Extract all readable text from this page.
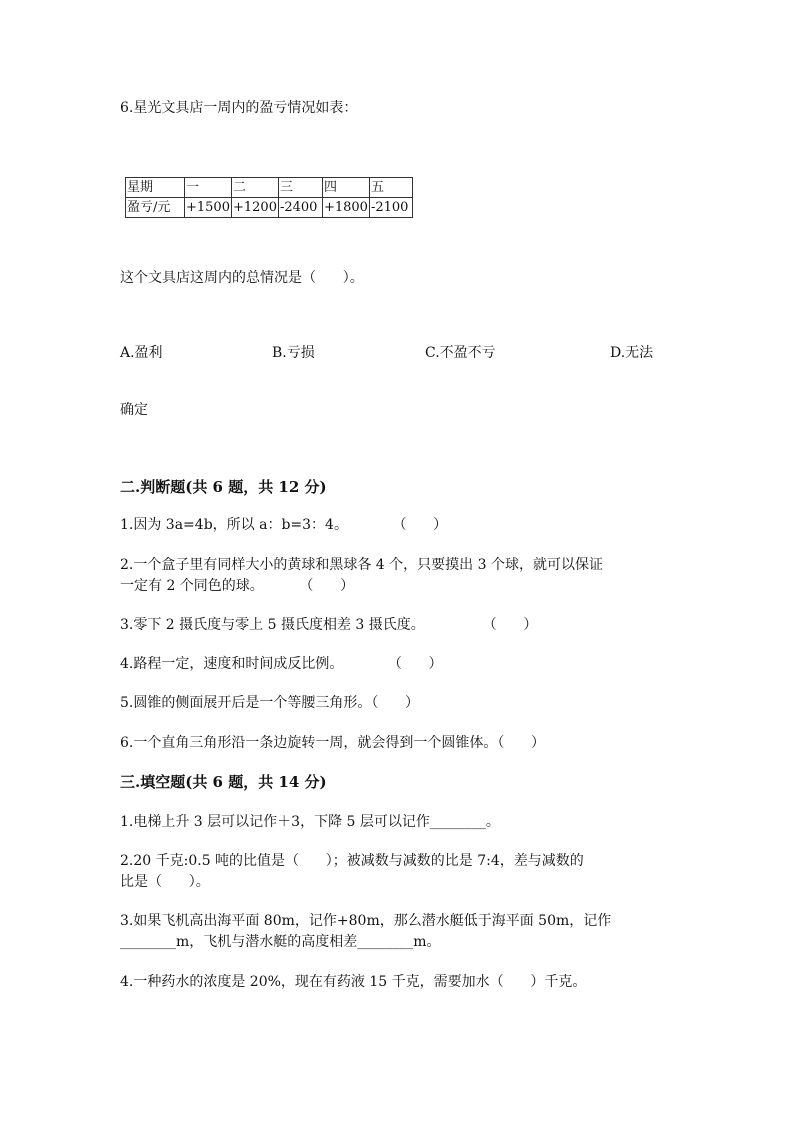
6.星光文具店一周内的盈亏情况如表：
星期	一	二	三	四	五
盈亏/元	+1500	+1200	-2400	+1800	-2100
这个文具店这周内的总情况是（      ）。
A.盈利	B.亏损	C.不盈不亏	D.无法
确定
二.判断题(共 6 题，共 12 分)
1.因为 3a=4b，所以 a：b=3：4。          （      ）
2.一个盒子里有同样大小的黄球和黑球各 4 个，只要摸出 3 个球，就可以保证
一定有 2 个同色的球。        （      ）
3.零下 2 摄氏度与零上 5 摄氏度相差 3 摄氏度。             （      ）
4.路程一定，速度和时间成反比例。          （      ）
5.圆锥的侧面展开后是一个等腰三角形。（      ）
6.一个直角三角形沿一条边旋转一周，就会得到一个圆锥体。（      ）
三.填空题(共 6 题，共 14 分)
1.电梯上升 3 层可以记作＋3，下降 5 层可以记作________。
2.20 千克:0.5 吨的比值是（      ）；被减数与减数的比是 7:4，差与减数的
比是（      ）。
3.如果飞机高出海平面 80m，记作+80m，那么潜水艇低于海平面 50m，记作
________m，飞机与潜水艇的高度相差________m。
4.一种药水的浓度是 20%，现在有药液 15 千克，需要加水（      ）千克。
